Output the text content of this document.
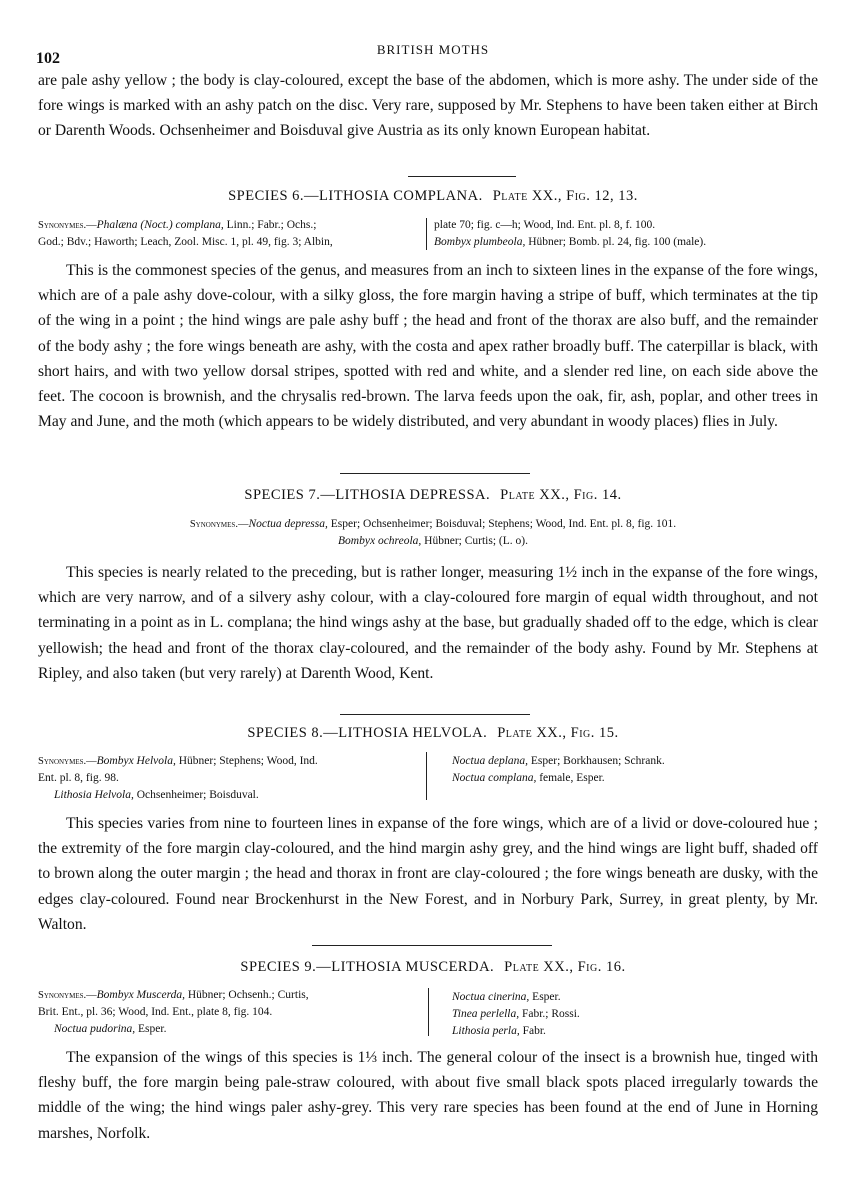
102
BRITISH MOTHS
are pale ashy yellow ; the body is clay-coloured, except the base of the abdomen, which is more ashy. The under side of the fore wings is marked with an ashy patch on the disc. Very rare, supposed by Mr. Stephens to have been taken either at Birch or Darenth Woods. Ochsenheimer and Boisduval give Austria as its only known European habitat.
SPECIES 6.—LITHOSIA COMPLANA. Plate XX., Fig. 12, 13.
Synonymes.—Phalæna (Noct.) complana, Linn.; Fabr.; Ochs.;
God.; Bdv.; Haworth; Leach, Zool. Misc. 1, pl. 49, fig. 3; Albin,
plate 70; fig. c—h; Wood, Ind. Ent. pl. 8, f. 100.
Bombyx plumbeola, Hübner; Bomb. pl. 24, fig. 100 (male).
This is the commonest species of the genus, and measures from an inch to sixteen lines in the expanse of the fore wings, which are of a pale ashy dove-colour, with a silky gloss, the fore margin having a stripe of buff, which terminates at the tip of the wing in a point ; the hind wings are pale ashy buff ; the head and front of the thorax are also buff, and the remainder of the body ashy ; the fore wings beneath are ashy, with the costa and apex rather broadly buff. The caterpillar is black, with short hairs, and with two yellow dorsal stripes, spotted with red and white, and a slender red line, on each side above the feet. The cocoon is brownish, and the chrysalis red-brown. The larva feeds upon the oak, fir, ash, poplar, and other trees in May and June, and the moth (which appears to be widely distributed, and very abundant in woody places) flies in July.
SPECIES 7.—LITHOSIA DEPRESSA. Plate XX., Fig. 14.
Synonymes.—Noctua depressa, Esper; Ochsenheimer; Boisduval; Stephens; Wood, Ind. Ent. pl. 8, fig. 101.
Bombyx ochreola, Hübner; Curtis; (L. o).
This species is nearly related to the preceding, but is rather longer, measuring 1½ inch in the expanse of the fore wings, which are very narrow, and of a silvery ashy colour, with a clay-coloured fore margin of equal width throughout, and not terminating in a point as in L. complana; the hind wings ashy at the base, but gradually shaded off to the edge, which is clear yellowish; the head and front of the thorax clay-coloured, and the remainder of the body ashy. Found by Mr. Stephens at Ripley, and also taken (but very rarely) at Darenth Wood, Kent.
SPECIES 8.—LITHOSIA HELVOLA. Plate XX., Fig. 15.
Synonymes.—Bombyx Helvola, Hübner; Stephens; Wood, Ind.
Ent. pl. 8, fig. 98.
Lithosia Helvola, Ochsenheimer; Boisduval.
Noctua deplana, Esper; Borkhausen; Schrank.
Noctua complana, female, Esper.
This species varies from nine to fourteen lines in expanse of the fore wings, which are of a livid or dove-coloured hue ; the extremity of the fore margin clay-coloured, and the hind margin ashy grey, and the hind wings are light buff, shaded off to brown along the outer margin ; the head and thorax in front are clay-coloured ; the fore wings beneath are dusky, with the edges clay-coloured. Found near Brockenhurst in the New Forest, and in Norbury Park, Surrey, in great plenty, by Mr. Walton.
SPECIES 9.—LITHOSIA MUSCERDA. Plate XX., Fig. 16.
Synonymes.—Bombyx Muscerda, Hübner; Ochsenh.; Curtis,
Brit. Ent., pl. 36; Wood, Ind. Ent., plate 8, fig. 104.
Noctua pudorina, Esper.
Noctua cinerina, Esper.
Tinea perlella, Fabr.; Rossi.
Lithosia perla, Fabr.
The expansion of the wings of this species is 1⅓ inch. The general colour of the insect is a brownish hue, tinged with fleshy buff, the fore margin being pale-straw coloured, with about five small black spots placed irregularly towards the middle of the wing; the hind wings paler ashy-grey. This very rare species has been found at the end of June in Horning marshes, Norfolk.
